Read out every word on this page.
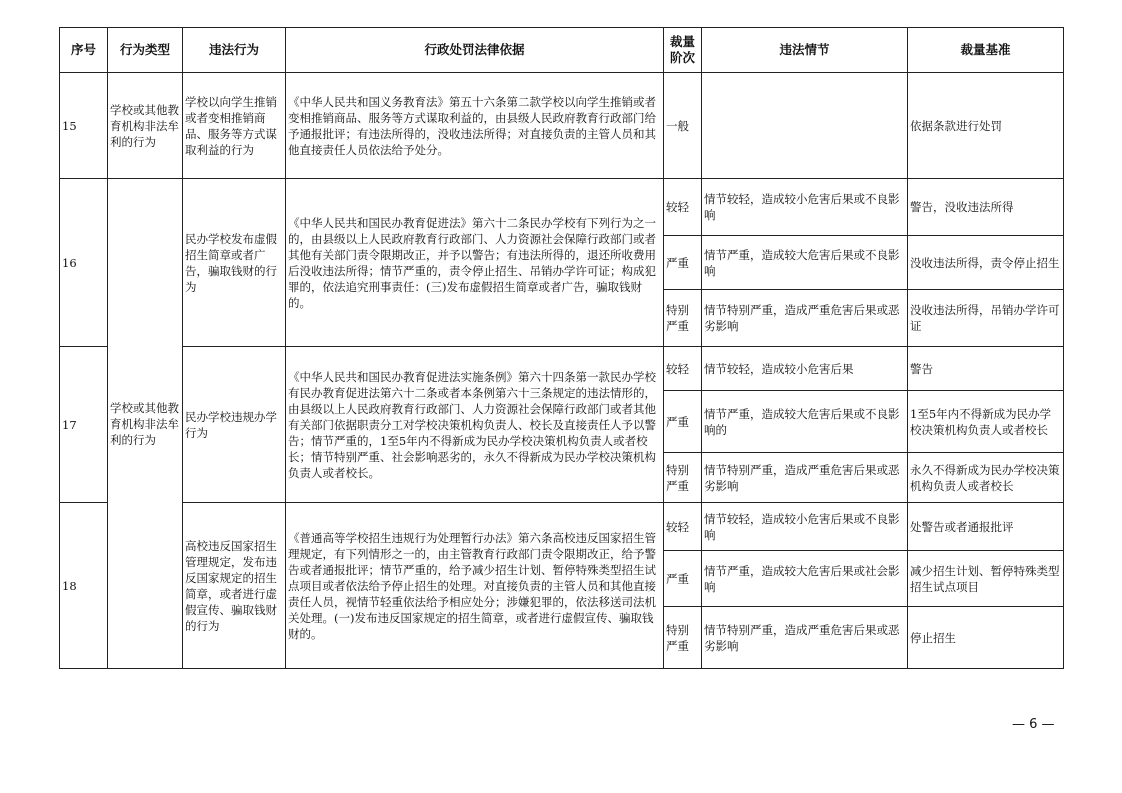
序号	行为类型	违法行为	行政处罚法律依据	裁量阶次	违法情节	裁量基准
15	学校或其他教育机构非法牟利的行为	学校以向学生推销或者变相推销商品、服务等方式谋取利益的行为	《中华人民共和国义务教育法》第五十六条第二款学校以向学生推销或者变相推销商品、服务等方式谋取利益的，由县级人民政府教育行政部门给予通报批评；有违法所得的，没收违法所得；对直接负责的主管人员和其他直接责任人员依法给予处分。	一般		依据条款进行处罚
16	学校或其他教育机构非法牟利的行为	民办学校发布虚假招生简章或者广告，骗取钱财的行为	《中华人民共和国民办教育促进法》第六十二条民办学校有下列行为之一的，由县级以上人民政府教育行政部门、人力资源社会保障行政部门或者其他有关部门责令限期改正，并予以警告；有违法所得的，退还所收费用后没收违法所得；情节严重的，责令停止招生、吊销办学许可证；构成犯罪的，依法追究刑事责任：(三)发布虚假招生简章或者广告，骗取钱财的。	较轻	情节较轻，造成较小危害后果或不良影响	警告，没收违法所得
				严重	情节严重，造成较大危害后果或不良影响	没收违法所得，责令停止招生
				特别严重	情节特别严重，造成严重危害后果或恶劣影响	没收违法所得，吊销办学许可证
17		民办学校违规办学行为	《中华人民共和国民办教育促进法实施条例》第六十四条第一款民办学校有民办教育促进法第六十二条或者本条例第六十三条规定的违法情形的，由县级以上人民政府教育行政部门、人力资源社会保障行政部门或者其他有关部门依据职责分工对学校决策机构负责人、校长及直接责任人予以警告；情节严重的，1至5年内不得新成为民办学校决策机构负责人或者校长；情节特别严重、社会影响恶劣的，永久不得新成为民办学校决策机构负责人或者校长。	较轻	情节较轻，造成较小危害后果	警告
				严重	情节严重，造成较大危害后果或不良影响的	1至5年内不得新成为民办学校决策机构负责人或者校长
				特别严重	情节特别严重，造成严重危害后果或恶劣影响	永久不得新成为民办学校决策机构负责人或者校长
18		高校违反国家招生管理规定，发布违反国家规定的招生简章，或者进行虚假宣传、骗取钱财的行为	《普通高等学校招生违规行为处理暂行办法》第六条高校违反国家招生管理规定，有下列情形之一的，由主管教育行政部门责令限期改正，给予警告或者通报批评；情节严重的，给予减少招生计划、暂停特殊类型招生试点项目或者依法给予停止招生的处理。对直接负责的主管人员和其他直接责任人员，视情节轻重依法给予相应处分；涉嫌犯罪的，依法移送司法机关处理。(一)发布违反国家规定的招生简章，或者进行虚假宣传、骗取钱财的。	较轻	情节较轻，造成较小危害后果或不良影响	处警告或者通报批评
				严重	情节严重，造成较大危害后果或社会影响	减少招生计划、暂停特殊类型招生试点项目
				特别严重	情节特别严重，造成严重危害后果或恶劣影响	停止招生
— 6 —
